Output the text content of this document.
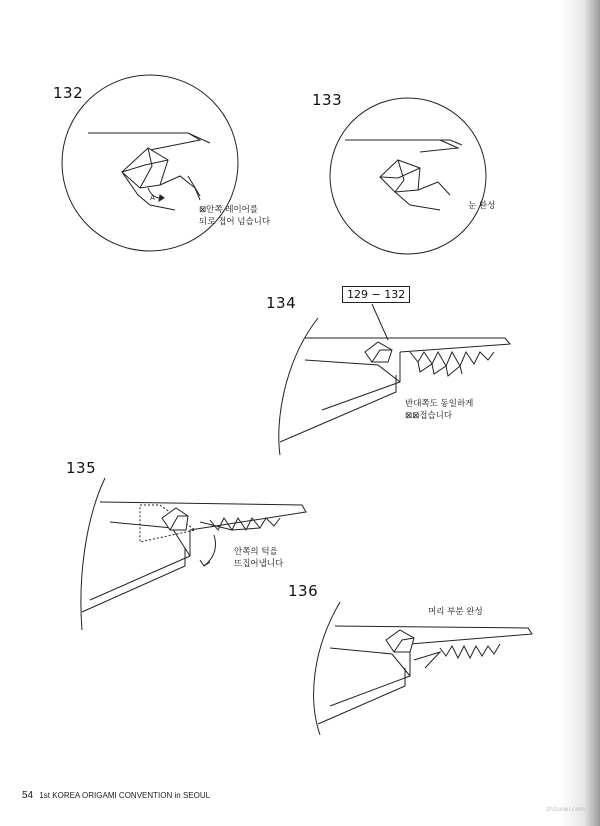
132
A
⊠안쪽 레이어를
되로 접어 넘습니다
133
눈 완성
134	129 − 132
반대쪽도 동일하게
⊠⊠접습니다
135
안쪽의 턱을
뜨집어냅니다
136
머리 부분 완성
54 1st KOREA ORIGAMI CONVENTION in SEOUL
zhzuowi.com
